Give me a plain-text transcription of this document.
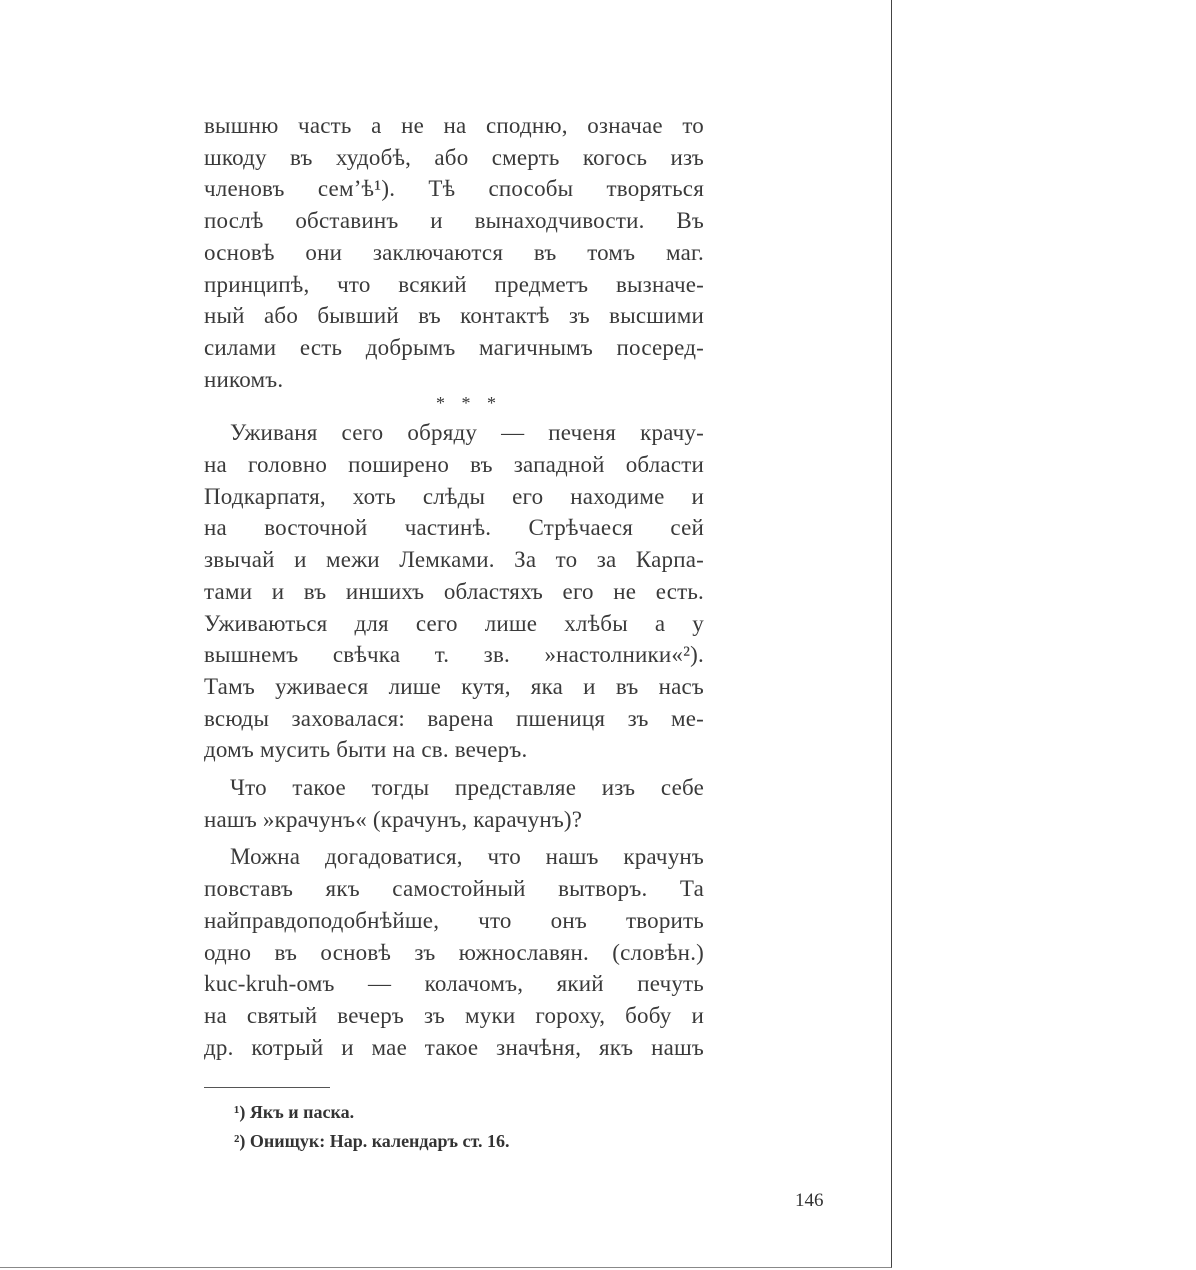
вышню часть а не на сподню, означае то
шкоду въ худобѣ, або смерть когось изъ
членовъ семʼѣ¹). Тѣ способы творяться
послѣ обставинъ и вынаходчивости. Въ
основѣ они заключаются въ томъ маг.
принципѣ, что всякий предметъ вызначе-
ный або бывший въ контактѣ зъ высшими
силами есть добрымъ магичнымъ посеред-
никомъ.
* * *
Уживаня сего обряду — печеня крачу-
на головно поширено въ западной области
Подкарпатя, хоть слѣды его находиме и
на восточной частинѣ. Стрѣчаеся сей
звычай и межи Лемками. За то за Карпа-
тами и въ иншихъ областяхъ его не есть.
Уживаються для сего лише хлѣбы а у
вышнемъ свѣчка т. зв. »настолники«²).
Тамъ уживаеся лише кутя, яка и въ насъ
всюды заховалася: варена пшениця зъ ме-
домъ мусить быти на св. вечеръ.
Что такое тогды представляе изъ себе
нашъ »крачунъ« (крачунъ, карачунъ)?
Можна догадоватися, что нашъ крачунъ
повставъ якъ самостойный вытворъ. Та
найправдоподобнѣйше, что онъ творить
одно въ основѣ зъ южнославян. (словѣн.)
kuc-kruh-омъ — колачомъ, який печуть
на святый вечеръ зъ муки гороху, бобу и
др. котрый и мае такое значѣня, якъ нашъ
¹) Якъ и паска.
²) Онищук: Нар. календаръ ст. 16.
146
